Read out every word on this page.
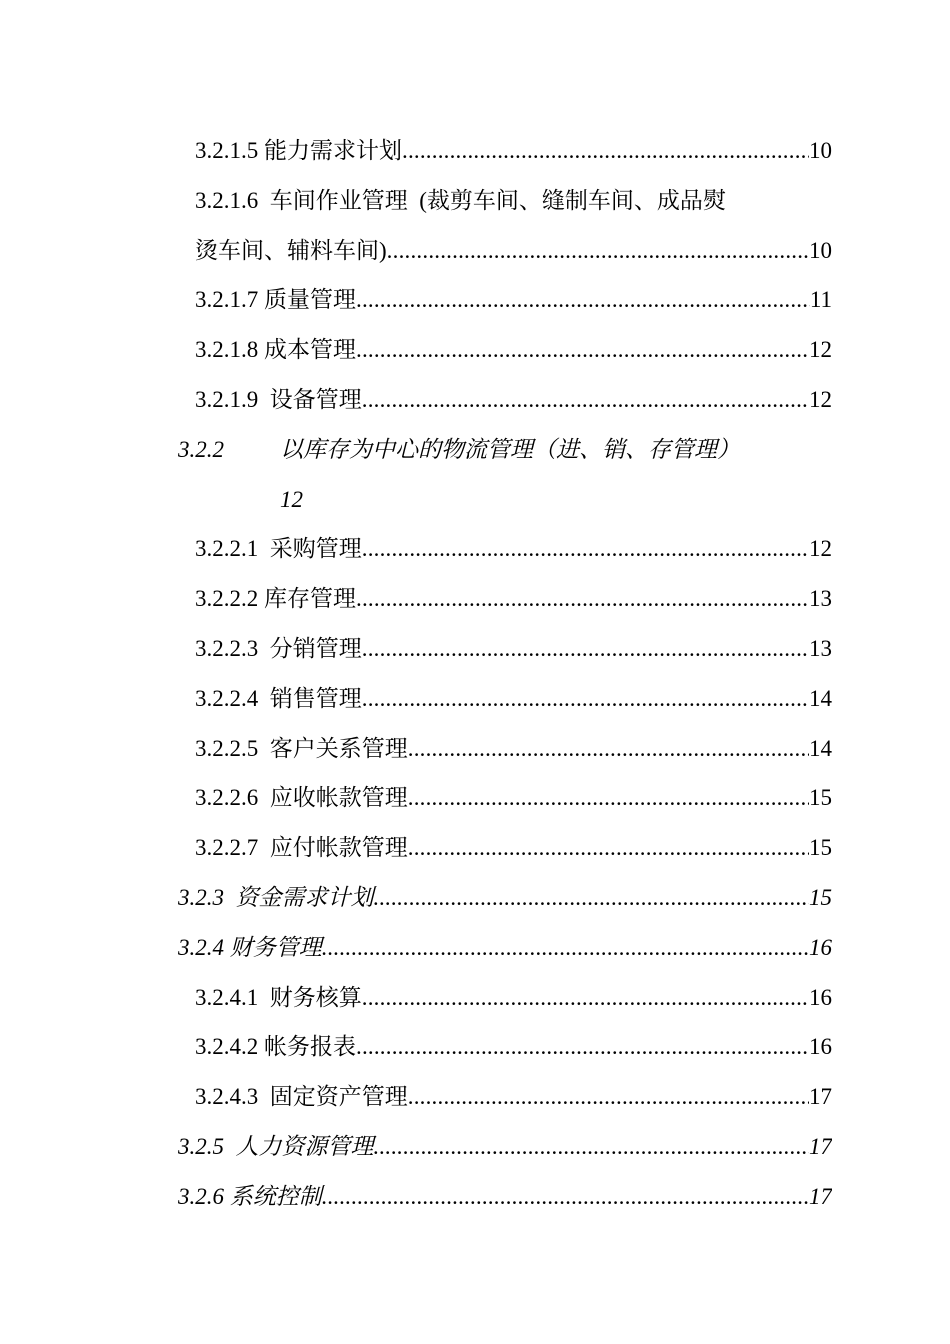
3.2.1.5 能力需求计划 .....	10
3.2.1.6  车间作业管理  (裁剪车间、缝制车间、成品熨
烫车间、辅料车间) .....	10
3.2.1.7 质量管理 .....	11
3.2.1.8 成本管理 .....	12
3.2.1.9  设备管理 .....	12
3.2.2 以库存为中心的物流管理（进、销、存管理）
12
3.2.2.1  采购管理 .....	12
3.2.2.2 库存管理 .....	13
3.2.2.3  分销管理 .....	13
3.2.2.4  销售管理 .....	14
3.2.2.5  客户关系管理 .....	14
3.2.2.6  应收帐款管理 .....	15
3.2.2.7  应付帐款管理 .....	15
3.2.3  资金需求计划 .....	15
3.2.4 财务管理 .....	16
3.2.4.1  财务核算 .....	16
3.2.4.2 帐务报表 .....	16
3.2.4.3  固定资产管理 .....	17
3.2.5  人力资源管理 .....	17
3.2.6 系统控制 .....	17
